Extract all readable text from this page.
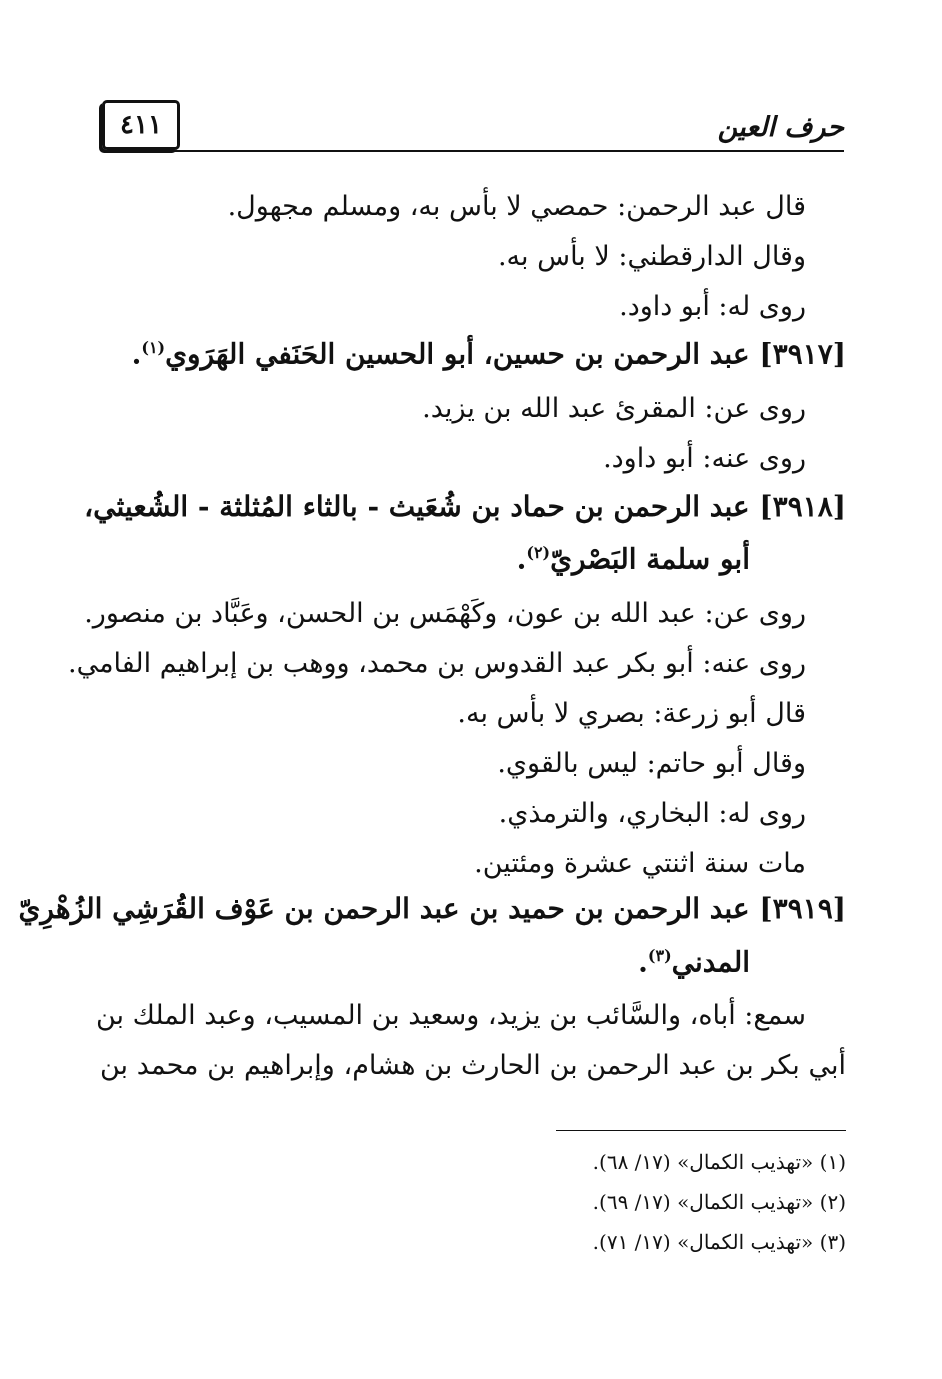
حرف العين
٤١١
قال عبد الرحمن: حمصي لا بأس به، ومسلم مجهول.
وقال الدارقطني: لا بأس به.
روى له: أبو داود.
[٣٩١٧] عبد الرحمن بن حسين، أبو الحسين الحَنَفي الهَرَوي$^{(١)}$.
روى عن: المقرئ عبد الله بن يزيد.
روى عنه: أبو داود.
[٣٩١٨] عبد الرحمن بن حماد بن شُعَيث - بالثاء المُثلثة - الشُعيثي،
أبو سلمة البَصْريّ$^{(٢)}$.
روى عن: عبد الله بن عون، وكَهْمَس بن الحسن، وعَبَّاد بن منصور.
روى عنه: أبو بكر عبد القدوس بن محمد، ووهب بن إبراهيم الفامي.
قال أبو زرعة: بصري لا بأس به.
وقال أبو حاتم: ليس بالقوي.
روى له: البخاري، والترمذي.
مات سنة اثنتي عشرة ومئتين.
[٣٩١٩] عبد الرحمن بن حميد بن عبد الرحمن بن عَوْف القُرَشِي الزُهْرِيّ
المدني$^{(٣)}$.
سمع: أباه، والسَّائب بن يزيد، وسعيد بن المسيب، وعبد الملك بن
أبي بكر بن عبد الرحمن بن الحارث بن هشام، وإبراهيم بن محمد بن
(١) «تهذيب الكمال» (١٧/ ٦٨).
(٢) «تهذيب الكمال» (١٧/ ٦٩).
(٣) «تهذيب الكمال» (١٧/ ٧١).
